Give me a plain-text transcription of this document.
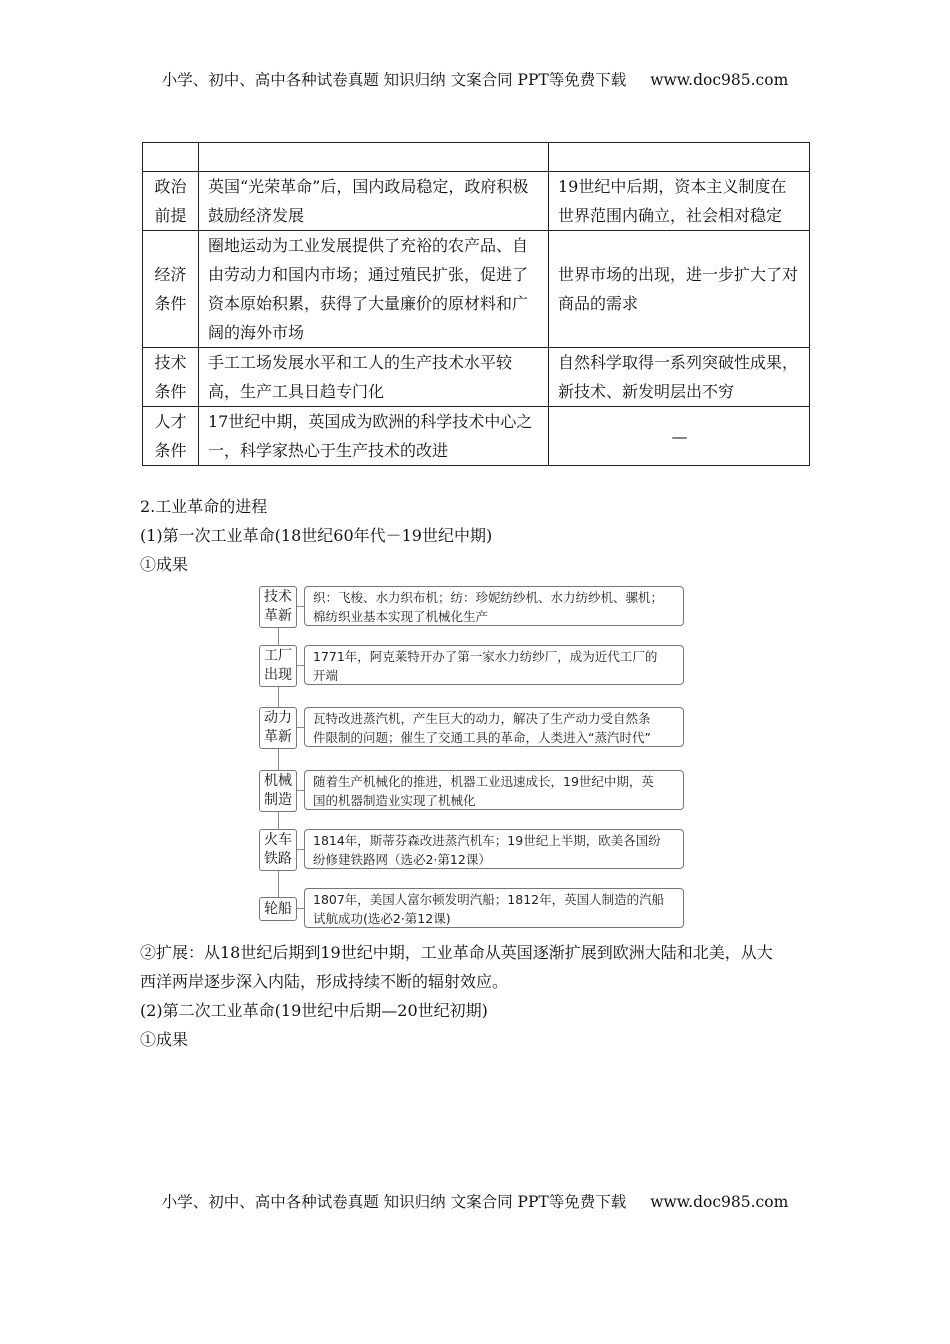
小学、初中、高中各种试卷真题 知识归纳 文案合同 PPT等免费下载 www.doc985.com

政治
前提	英国“光荣革命”后，国内政局稳定，政府积极鼓励经济发展	19世纪中后期，资本主义制度在世界范围内确立，社会相对稳定
经济
条件	圈地运动为工业发展提供了充裕的农产品、自由劳动力和国内市场；通过殖民扩张，促进了资本原始积累，获得了大量廉价的原材料和广阔的海外市场	世界市场的出现，进一步扩大了对商品的需求
技术
条件	手工工场发展水平和工人的生产技术水平较高，生产工具日趋专门化	自然科学取得一系列突破性成果，新技术、新发明层出不穷
人才
条件	17世纪中期，英国成为欧洲的科学技术中心之一，科学家热心于生产技术的改进	—
2.工业革命的进程
(1)第一次工业革命(18世纪60年代－19世纪中期)
①成果
技术
革新
织：飞梭、水力织布机；纺：珍妮纺纱机、水力纺纱机、骡机；
棉纺织业基本实现了机械化生产
工厂
出现
1771年，阿克莱特开办了第一家水力纺纱厂，成为近代工厂的
开端
动力
革新
瓦特改进蒸汽机，产生巨大的动力，解决了生产动力受自然条
件限制的问题；催生了交通工具的革命，人类进入“蒸汽时代”
机械
制造
随着生产机械化的推进，机器工业迅速成长，19世纪中期，英
国的机器制造业实现了机械化
火车
铁路
1814年，斯蒂芬森改进蒸汽机车；19世纪上半期，欧美各国纷
纷修建铁路网（选必2·第12课）
轮船
1807年，美国人富尔顿发明汽船；1812年，英国人制造的汽船
试航成功(选必2·第12课)
②扩展：从18世纪后期到19世纪中期，工业革命从英国逐渐扩展到欧洲大陆和北美，从大
西洋两岸逐步深入内陆，形成持续不断的辐射效应。
(2)第二次工业革命(19世纪中后期—20世纪初期)
①成果
小学、初中、高中各种试卷真题 知识归纳 文案合同 PPT等免费下载 www.doc985.com
